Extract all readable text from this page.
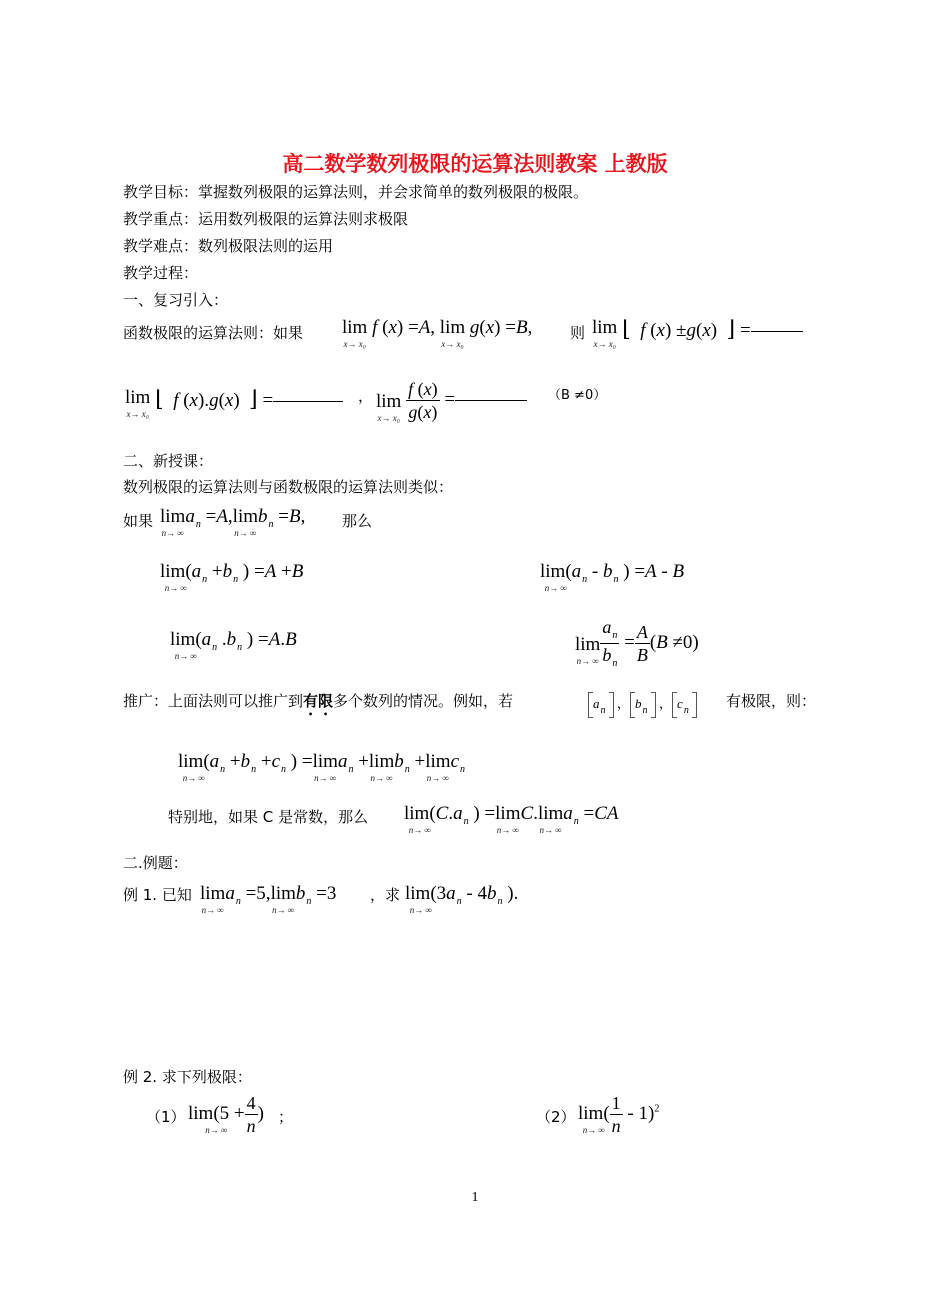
高二数学数列极限的运算法则教案 上教版
教学目标：掌握数列极限的运算法则，并会求简单的数列极限的极限。
教学重点：运用数列极限的运算法则求极限
教学难点：数列极限法则的运用
教学过程：
一、复习引入：
函数极限的运算法则：如果 lim
x→ x₀
f (x) =A, lim
x→ x₀
g(x) =B,	则 lim
x→ x₀
⌊ f (x) ±g(x)  ⌋ =
lim
x→ x₀
⌊ f (x).g(x)  ⌋ =	， lim
x→ x₀
$\frac{f (x)}{g(x)}$ =	（B ≠0）
二、新授课：
数列极限的运算法则与函数极限的运算法则类似：
如果 lim
n→ ∞
$a_n =A$, lim
n→ ∞
$b_n =B$, 那么
lim(
n→ ∞
$a_n +b_n$ ) =A +B	lim(
n→ ∞
$a_n - b_n$ ) =A - B
lim(
n→ ∞
$a_n$ $.b_n$ ) =A.B	lim
n→ ∞ $\frac{a_n}{b_n} = \frac{A}{B} (B \ne 0)$
推广：上面法则可以推广到有限多个数列的情况。例如，若	$a_n$  ， $b_n$  ， $c_n$
有极限，则：
lim(
n→ ∞
$a_n +b_n +c_n$ ) = lim
n→ ∞
$a_n + \lim$
n→ ∞
$b_n + \lim$
n→ ∞
$c_n$
特别地，如果 C 是常数，那么 lim(
n→ ∞
$C.a_n$ ) = lim
n→ ∞
C. lim
n→ ∞
$a_n =CA$
二.例题：
例 1. 已知 lim
n→ ∞
$a_n =5$, lim
n→ ∞
$b_n =3$ ，求 lim(
n→ ∞
$3a_n - 4b_n$ ).
例 2. 求下列极限：
（1） lim(5 +
n→ ∞ $\frac{4}{n}$ ) ；	（2） lim(
n→ ∞ $\frac{1}{n} - 1)^2$
1
